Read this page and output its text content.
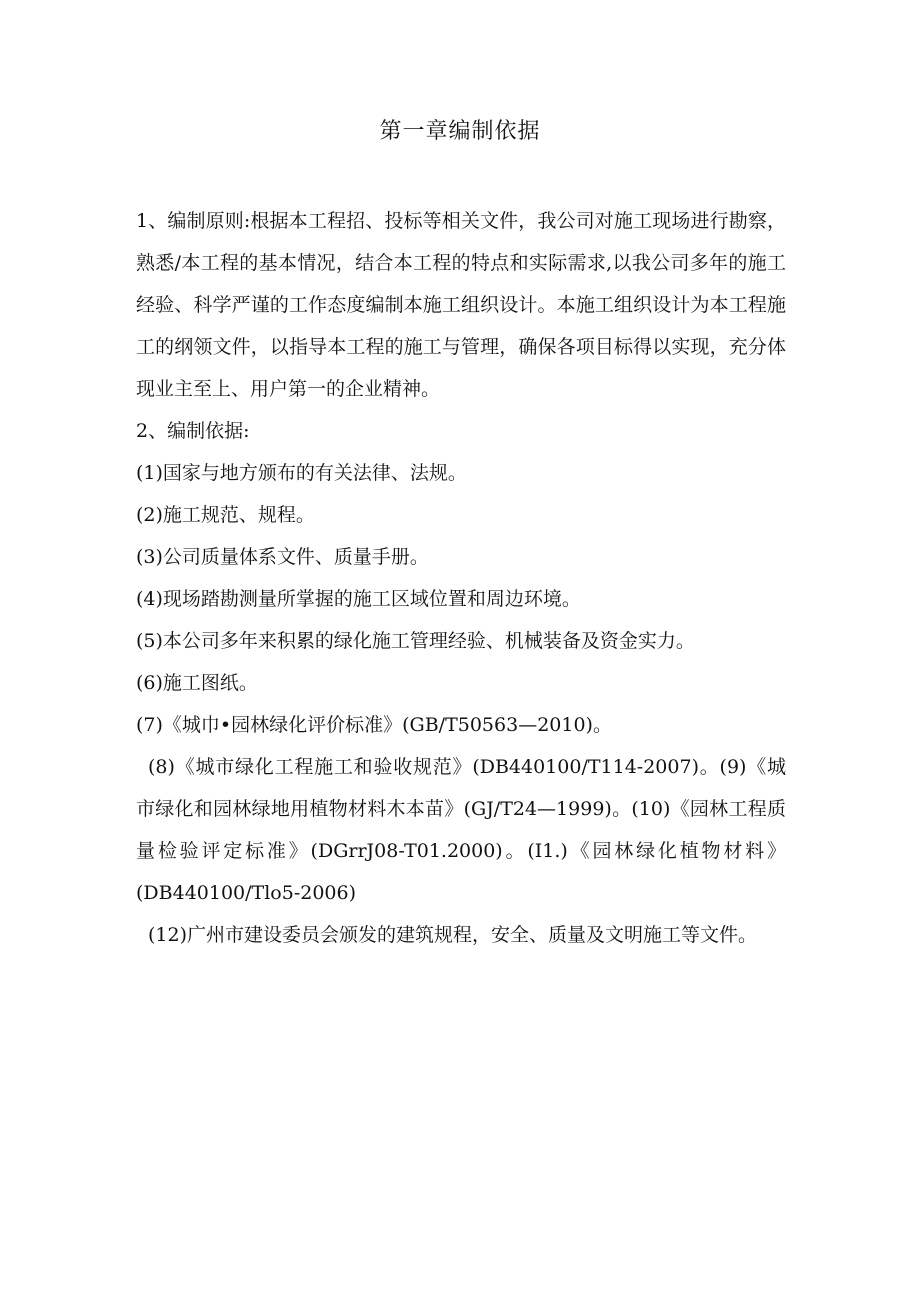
第一章编制依据

1、编制原则:根据本工程招、投标等相关文件，我公司对施工现场进行勘察，熟悉/本工程的基本情况，结合本工程的特点和实际需求,以我公司多年的施工经验、科学严谨的工作态度编制本施工组织设计。本施工组织设计为本工程施工的纲领文件，以指导本工程的施工与管理，确保各项目标得以实现，充分体现业主至上、用户第一的企业精神。

2、编制依据:

(1)国家与地方颁布的有关法律、法规。

(2)施工规范、规程。

(3)公司质量体系文件、质量手册。

(4)现场踏勘测量所掌握的施工区域位置和周边环境。

(5)本公司多年来积累的绿化施工管理经验、机械装备及资金实力。

(6)施工图纸。

(7)《城巾•园林绿化评价标准》(GB/T50563—2010)。

(8)《城市绿化工程施工和验收规范》(DB440100/T114-2007)。(9)《城市绿化和园林绿地用植物材料木本苗》(GJ/T24—1999)。(10)《园林工程质量检验评定标准》(DGrrJ08-T01.2000)。(I1.)《园林绿化植物材料》(DB440100/Tlo5-2006)

(12)广州市建设委员会颁发的建筑规程，安全、质量及文明施工等文件。
